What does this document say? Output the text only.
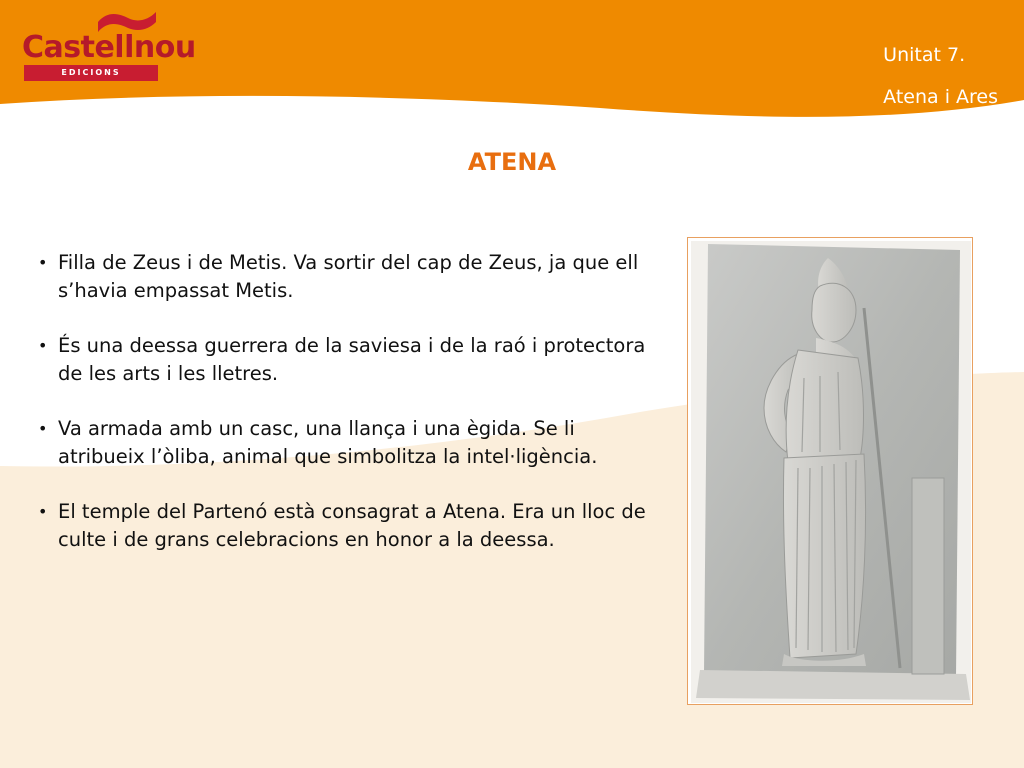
Castellnou
EDICIONS
Unitat 7.
Atena i Ares
ATENA
• Filla de Zeus i de Metis. Va sortir del cap de Zeus, ja que ell s’havia empassat Metis.
• És una deessa guerrera de la saviesa i de la raó i protectora de les arts i les lletres.
• Va armada amb un casc, una llança i una ègida. Se li atribueix l’òliba, animal que simbolitza la intel·ligència.
• El temple del Partenó està consagrat a Atena. Era un lloc de culte i de grans celebracions en honor a la deessa.
